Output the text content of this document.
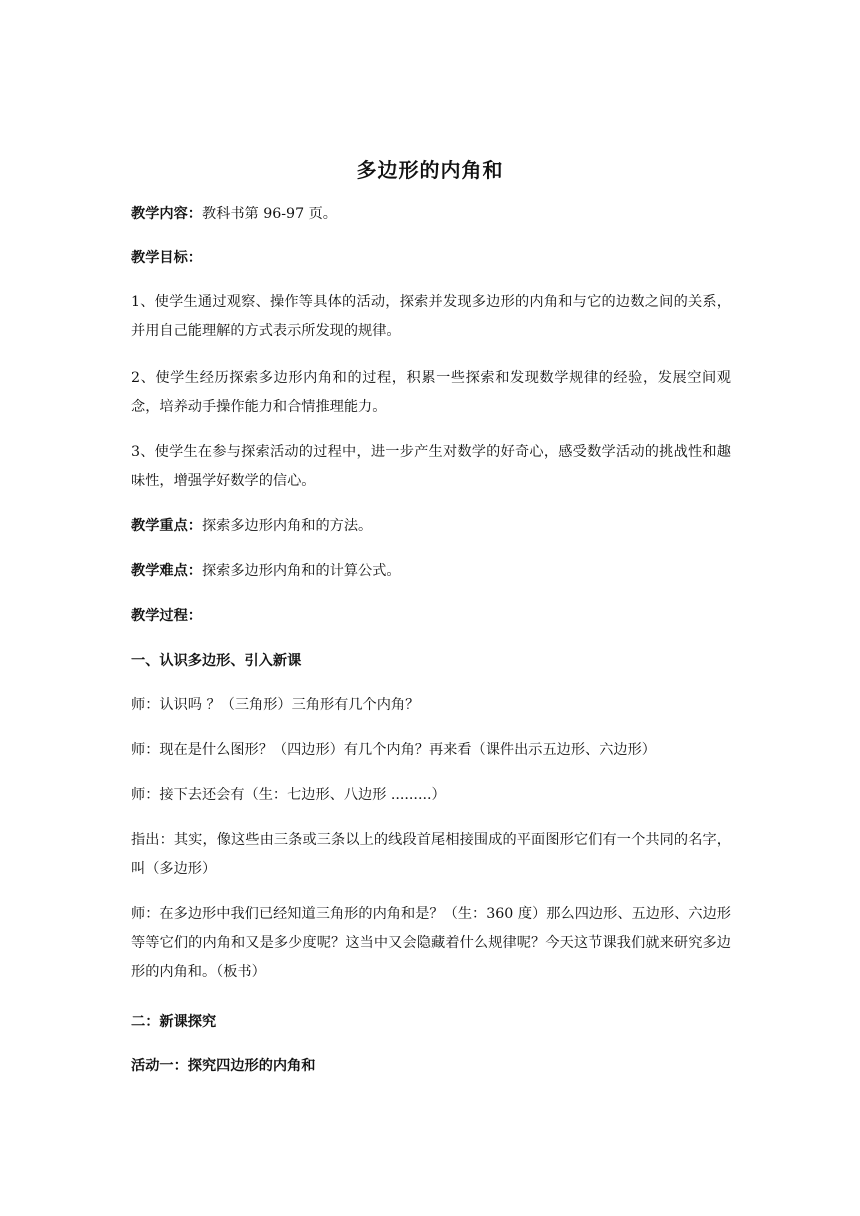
多边形的内角和
教学内容：教科书第 96-97 页。
教学目标：
1、使学生通过观察、操作等具体的活动，探索并发现多边形的内角和与它的边数之间的关系，并用自己能理解的方式表示所发现的规律。
2、使学生经历探索多边形内角和的过程，积累一些探索和发现数学规律的经验，发展空间观念，培养动手操作能力和合情推理能力。
3、使学生在参与探索活动的过程中，进一步产生对数学的好奇心，感受数学活动的挑战性和趣味性，增强学好数学的信心。
教学重点：探索多边形内角和的方法。
教学难点：探索多边形内角和的计算公式。
教学过程：
一、认识多边形、引入新课
师：认识吗 ？（三角形）三角形有几个内角？
师：现在是什么图形？（四边形）有几个内角？再来看（课件出示五边形、六边形）
师：接下去还会有（生：七边形、八边形 .........）
指出：其实，像这些由三条或三条以上的线段首尾相接围成的平面图形它们有一个共同的名字，叫（多边形）
师：在多边形中我们已经知道三角形的内角和是？（生：360 度）那么四边形、五边形、六边形等等它们的内角和又是多少度呢？这当中又会隐藏着什么规律呢？今天这节课我们就来研究多边形的内角和。（板书）
二：新课探究
活动一：探究四边形的内角和
